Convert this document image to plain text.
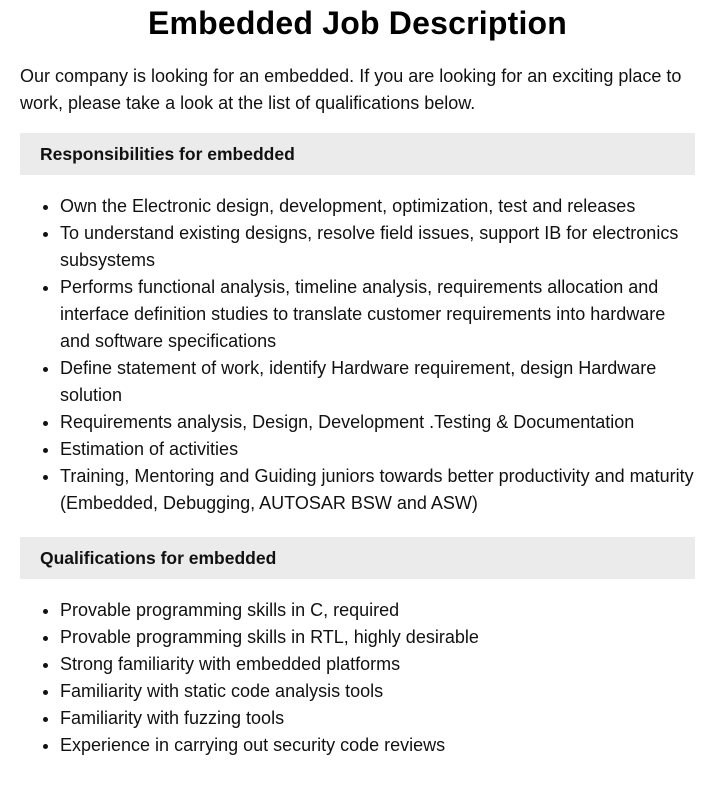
Embedded Job Description

Our company is looking for an embedded. If you are looking for an exciting place to work, please take a look at the list of qualifications below.

Responsibilities for embedded
Own the Electronic design, development, optimization, test and releases
To understand existing designs, resolve field issues, support IB for electronics subsystems
Performs functional analysis, timeline analysis, requirements allocation and interface definition studies to translate customer requirements into hardware and software specifications
Define statement of work, identify Hardware requirement, design Hardware solution
Requirements analysis, Design, Development .Testing & Documentation
Estimation of activities
Training, Mentoring and Guiding juniors towards better productivity and maturity (Embedded, Debugging, AUTOSAR BSW and ASW)
Qualifications for embedded
Provable programming skills in C, required
Provable programming skills in RTL, highly desirable
Strong familiarity with embedded platforms
Familiarity with static code analysis tools
Familiarity with fuzzing tools
Experience in carrying out security code reviews
